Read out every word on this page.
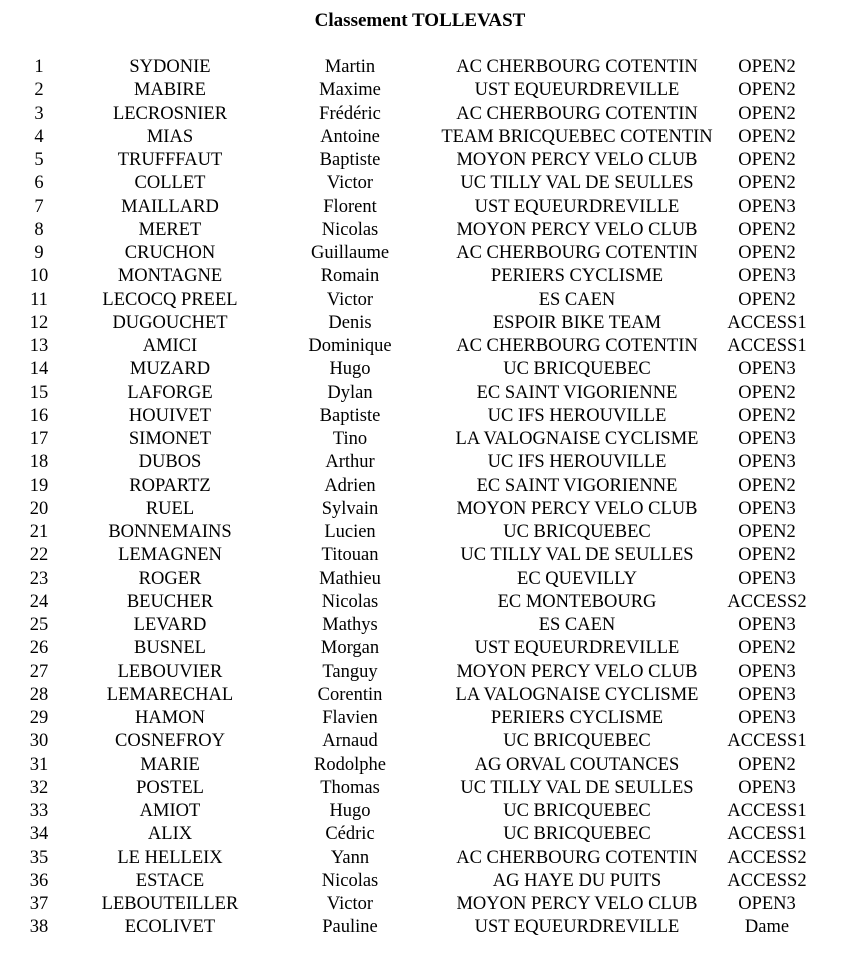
Classement TOLLEVAST
1	SYDONIE	Martin	AC CHERBOURG COTENTIN	OPEN2
2	MABIRE	Maxime	UST EQUEURDREVILLE	OPEN2
3	LECROSNIER	Frédéric	AC CHERBOURG COTENTIN	OPEN2
4	MIAS	Antoine	TEAM BRICQUEBEC COTENTIN	OPEN2
5	TRUFFFAUT	Baptiste	MOYON PERCY VELO CLUB	OPEN2
6	COLLET	Victor	UC TILLY VAL DE SEULLES	OPEN2
7	MAILLARD	Florent	UST EQUEURDREVILLE	OPEN3
8	MERET	Nicolas	MOYON PERCY VELO CLUB	OPEN2
9	CRUCHON	Guillaume	AC CHERBOURG COTENTIN	OPEN2
10	MONTAGNE	Romain	PERIERS CYCLISME	OPEN3
11	LECOCQ PREEL	Victor	ES CAEN	OPEN2
12	DUGOUCHET	Denis	ESPOIR BIKE TEAM	ACCESS1
13	AMICI	Dominique	AC CHERBOURG COTENTIN	ACCESS1
14	MUZARD	Hugo	UC BRICQUEBEC	OPEN3
15	LAFORGE	Dylan	EC SAINT VIGORIENNE	OPEN2
16	HOUIVET	Baptiste	UC IFS HEROUVILLE	OPEN2
17	SIMONET	Tino	LA VALOGNAISE CYCLISME	OPEN3
18	DUBOS	Arthur	UC IFS HEROUVILLE	OPEN3
19	ROPARTZ	Adrien	EC SAINT VIGORIENNE	OPEN2
20	RUEL	Sylvain	MOYON PERCY VELO CLUB	OPEN3
21	BONNEMAINS	Lucien	UC BRICQUEBEC	OPEN2
22	LEMAGNEN	Titouan	UC TILLY VAL DE SEULLES	OPEN2
23	ROGER	Mathieu	EC QUEVILLY	OPEN3
24	BEUCHER	Nicolas	EC MONTEBOURG	ACCESS2
25	LEVARD	Mathys	ES CAEN	OPEN3
26	BUSNEL	Morgan	UST EQUEURDREVILLE	OPEN2
27	LEBOUVIER	Tanguy	MOYON PERCY VELO CLUB	OPEN3
28	LEMARECHAL	Corentin	LA VALOGNAISE CYCLISME	OPEN3
29	HAMON	Flavien	PERIERS CYCLISME	OPEN3
30	COSNEFROY	Arnaud	UC BRICQUEBEC	ACCESS1
31	MARIE	Rodolphe	AG ORVAL COUTANCES	OPEN2
32	POSTEL	Thomas	UC TILLY VAL DE SEULLES	OPEN3
33	AMIOT	Hugo	UC BRICQUEBEC	ACCESS1
34	ALIX	Cédric	UC BRICQUEBEC	ACCESS1
35	LE HELLEIX	Yann	AC CHERBOURG COTENTIN	ACCESS2
36	ESTACE	Nicolas	AG HAYE DU PUITS	ACCESS2
37	LEBOUTEILLER	Victor	MOYON PERCY VELO CLUB	OPEN3
38	ECOLIVET	Pauline	UST EQUEURDREVILLE	Dame
